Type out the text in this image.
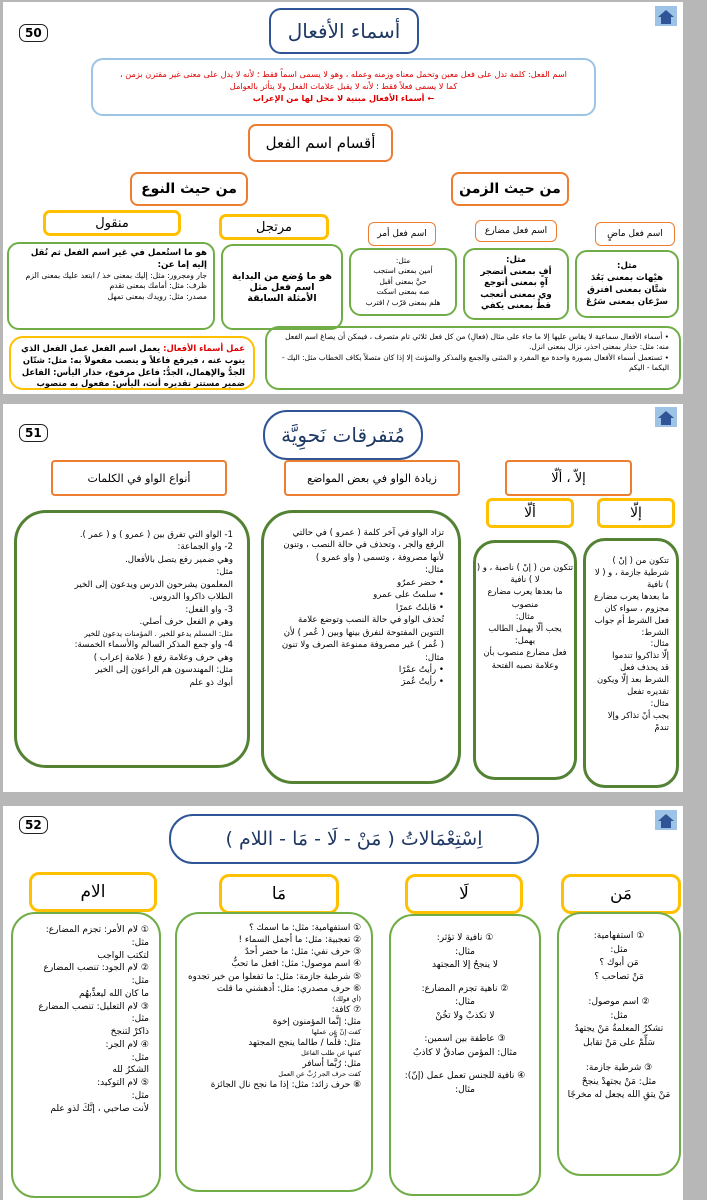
50	أسماء الأفعال
اسم الفعل: كلمة تدل على فعل معين وتحمل معناه وزمنه وعمله ، وهو لا يسمى اسماً فقط ؛ لأنه لا يدل على معنى غير مقترن بزمن ،
كما لا يسمى فعلاً فقط ؛ لأنه لا يقبل علامات الفعل ولا يتأثر بالعوامل
← أسماء الأفعال مبنية لا محل لها من الإعراب
أقسام اسم الفعل
من حيث النوع	من حيث الزمن
منقول	مرتجل	اسم فعل أمر	اسم فعل مضارع	اسم فعل ماضٍ
هو ما استُعمل في غير اسم الفعل ثم نُقل إليه إما عن:
جار ومجرور: مثل: إليك بمعنى خذ / ابتعد عليك بمعنى الزم
ظرف: مثل: أمامك بمعنى تقدم
مصدر: مثل: رويدك بمعنى تمهل
هو ما وُضع من البداية اسم فعل مثل
الأمثلة السابقة
مثل:
أمين بمعنى استجب
حيَّ بمعنى أقبل
صه بمعنى اسكت
هلم بمعنى قرّب / اقترب
مثل:
أفٍ بمعنى أتضجر
آهٍ بمعنى أتوجع
وي بمعنى أتعجب
قطْ بمعنى يكفي
مثل:
هيْهات بمعنى بَعُدَ
شتَّان بمعنى افترق
سرْعان بمعنى سَرُعَ
عمل أسماء الأفعال: يعمل اسم الفعل عمل الفعل الذي ينوب عنه ، فيرفع فاعلاً و ينصب مفعولاً به: مثل: شتّان الجدُّ والإهمال، الجدُّ: فاعل مرفوع، حذار اليأس: الفاعل ضمير مستتر تقديره أنت، اليأس: مفعول به منصوب
• أسماء الأفعال سماعية لا يقاس عليها إلا ما جاء على مثال (فعالِ) من كل فعل ثلاثي تام متصرف ، فيمكن أن يصاغ اسم الفعل منه: مثل: حذار بمعنى احذر، نزال بمعنى انزل.
• تستعمل أسماء الأفعال بصورة واحدة مع المفرد و المثنى والجمع والمذكر والمؤنث إلا إذا كان متصلاً بكاف الخطاب مثل: اليك - اليكما - اليكم
51	مُتفرقات نَحوِيَّة
أنواع الواو في الكلمات	زيادة الواو في بعض المواضع	إلاّ ، ألّا
ألّا	إلّا
1- الواو التي تفرق بين ( عمرو ) و ( عمر ).
2- واو الجماعة:
وهي ضمير رفع يتصل بالأفعال.
مثل:
المعلمون يشرحون الدرس ويدعون إلى الخير
الطلاب ذاكروا الدروس.
3- واو الفعل:
وهي م الفعل حرف أصلي.
مثل: المسلم يدعو للخير . المؤمنات يدعون للخير
4- واو جمع المذكر السالم والأسماء الخمسة:
وهي حرف وعلامة رفع ( علامة إعراب )
مثل: المهندسون هم الراعون إلى الخير
أبوك ذو علم
تزاد الواو في آخر كلمة ( عمرو ) في حالتي الرفع والجر ، وتحذف في حالة النصب ، وتنون لأنها مصروفة ، وتسمى ( واو عمرو )
مثال:
• حضر عمرٌو
• سلمتُ على عمرو
• قابلتُ عمرًا
تُحذف الواو في حالة النصب وتوضع علامة التنوين المفتوحة لنفرق بينها وبين ( عُمر ) لأن ( عُمر ) غير مصروفة ممنوعة الصرف ولا تنون
مثال:
• رأيتُ عمْرًا
• رأيتُ عُمرَ
تتكون من ( إنْ ) ناصبة ، و ( لا ) نافية
ما بعدها يعرب مضارع منصوب
مثال:
يجب ألّا يهمل الطالب
يهمل:
فعل مضارع منصوب بأن وعلامة نصبه الفتحة
تتكون من ( إنْ ) شرطية جازمة ، و ( لا ) نافية
ما بعدها يعرب مضارع مجزوم ، سواء كان فعل الشرط أم جواب الشرط:
مثال:
إلّا تذاكروا تندموا
قد يحذف فعل الشرط بعد إلّا ويكون تقديره تفعل
مثال:
يجب أنْ تذاكر وإلا تندمْ
52
اِسْتِعْمَالاتُ ( مَنْ - لَا - مَا - اللام )
الام	مَا	لَا	مَن
① لام الأمر: تجزم المضارع:
مثل:
لتكتب الواجب
② لام الجود: تنصب المضارع
مثل:
ما كان الله ليعذِّبهُم
③ لام التعليل: تنصب المضارع
مثل:
ذاكرْ لتنجحَ
④ لام الجر:
مثل:
الشكرُ لله
⑤ لام التوكيد:
مثل:
لأنت صاحبي ، إنَّكَ لذو علم
① استفهامية: مثل: ما اسمك ؟
② تعجبية: مثل: ما أجمل السماء !
③ حرف نفي: مثل: ما حضر أحدٌ
④ اسم موصول: مثل: افعل ما تحبُّ
⑤ شرطية جازمة: مثل: ما تفعلوا من خير تجدوه
⑥ حرف مصدري: مثل: أدهشني ما قلت
(أي قولك)
⑦ كافة:
مثل: إنَّما المؤمنون إخوة
كفت إنّ عن عملها
مثل: قلَّما / طالما ينجح المجتهد
كفتها عن طلب الفاعل
مثل: رُبَّما أسافر
كفت حرف الجر رُبَّ عن العمل
⑧ حرف زائد: مثل: إذا ما نجح نال الجائزة
① نافية لا تؤثر:
مثال:
لا ينجحُ إلا المجتهد
② ناهية تجزم المضارع:
مثال:
لا تكذبْ ولا تخُنْ
③ عاطفة بين اسمين:
مثال: المؤمن صادقٌ لا كاذبٌ
④ نافية للجنس تعمل عمل (إنّ):
مثال:
① استفهامية:
مثل:
مَن أبوك ؟
مَنْ تصاحب ؟
② اسم موصول:
مثل:
تشكرُ المعلمةُ مَنْ يجتهدُ
سَلِّمْ على مَنْ تقابل
③ شرطية جازمة:
مثل: مَنْ يجتهدْ ينجحْ
مَنْ يتقِ الله يجعل له مخرجًا
